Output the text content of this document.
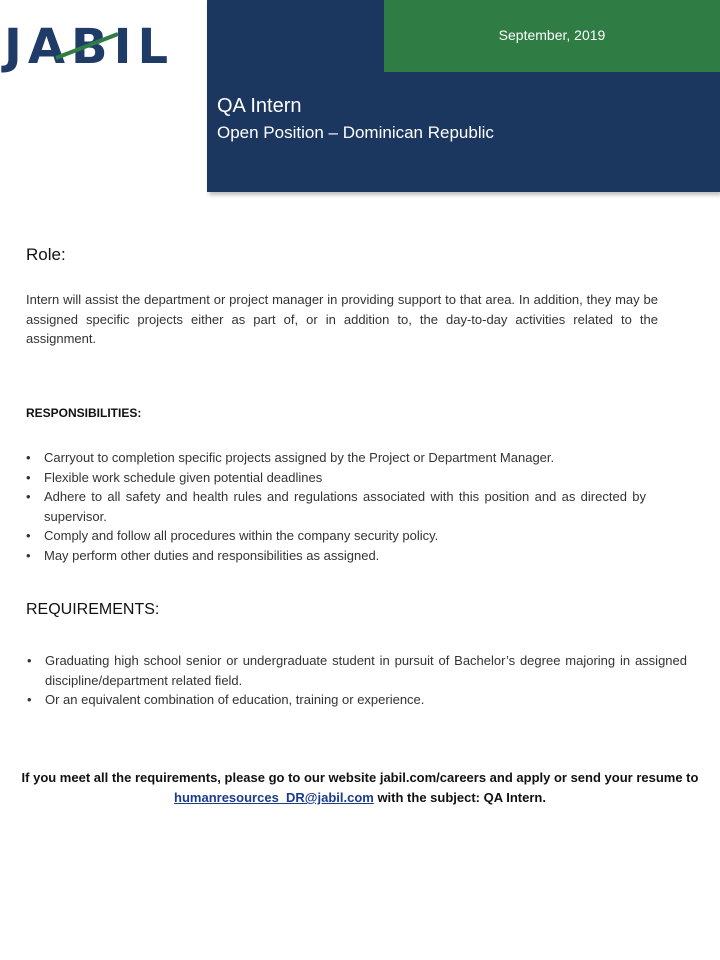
JABIL	September, 2019
QA Intern
Open Position – Dominican Republic
Role:
Intern will assist the department or project manager in providing support to that area. In addition, they may be assigned specific projects either as part of, or in addition to, the day-to-day activities related to the assignment.
RESPONSIBILITIES:
• Carryout to completion specific projects assigned by the Project or Department Manager.
• Flexible work schedule given potential deadlines
• Adhere to all safety and health rules and regulations associated with this position and as directed by supervisor.
• Comply and follow all procedures within the company security policy.
• May perform other duties and responsibilities as assigned.
REQUIREMENTS:
• Graduating high school senior or undergraduate student in pursuit of Bachelor’s degree majoring in assigned discipline/department related field.
• Or an equivalent combination of education, training or experience.
If you meet all the requirements, please go to our website jabil.com/careers and apply or send your resume to humanresources_DR@jabil.com with the subject: QA Intern.
